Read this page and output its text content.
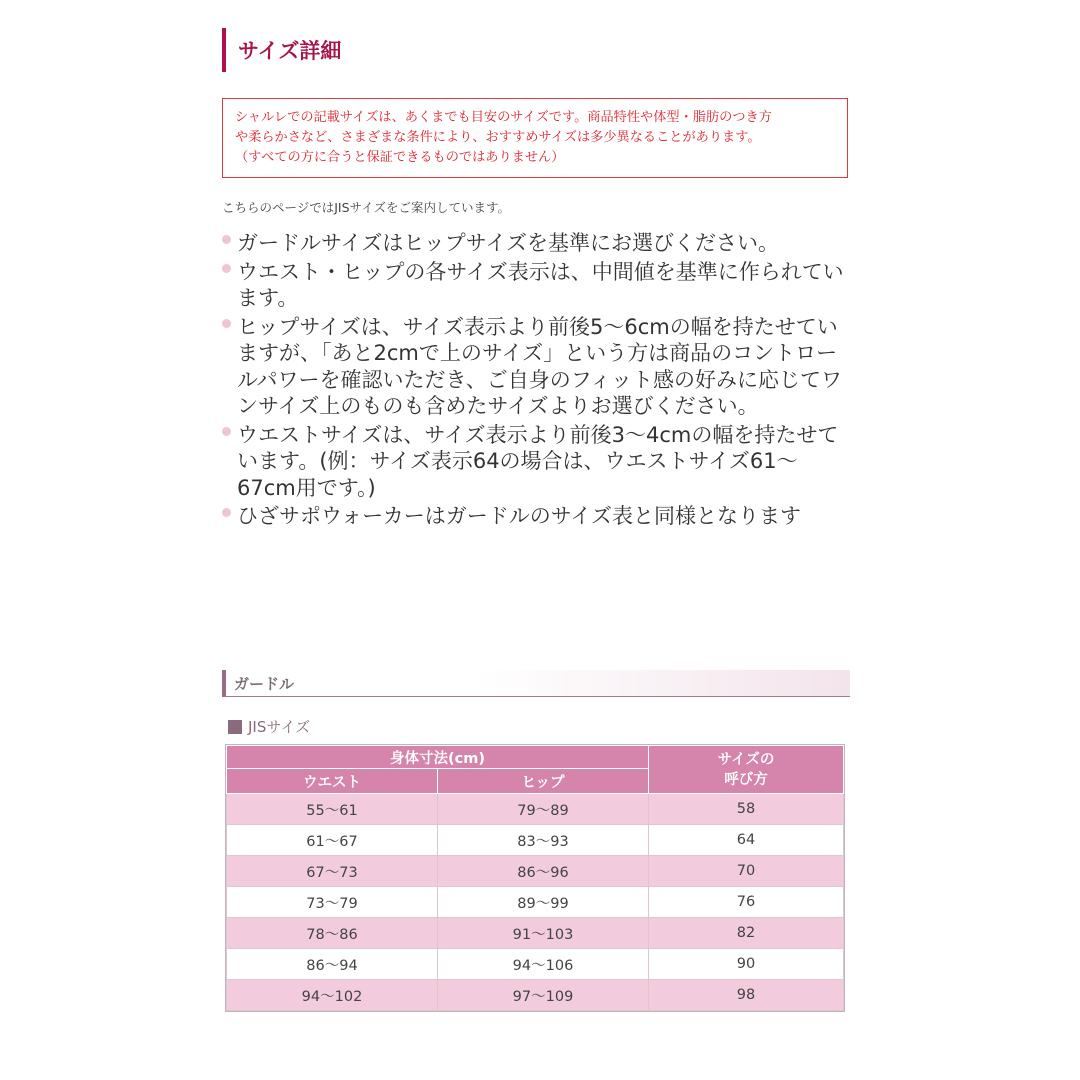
サイズ詳細

シャルレでの記載サイズは、あくまでも目安のサイズです。商品特性や体型・脂肪のつき方

や柔らかさなど、さまざまな条件により、おすすめサイズは多少異なることがあります。

（すべての方に合うと保証できるものではありません）

こちらのページではJISサイズをご案内しています。
ガードルサイズはヒップサイズを基準にお選びください。
ウエスト・ヒップの各サイズ表示は、中間値を基準に作られています。
ヒップサイズは、サイズ表示より前後5～6cmの幅を持たせていますが、「あと2cmで上のサイズ」という方は商品のコントロールパワーを確認いただき、ご自身のフィット感の好みに応じてワンサイズ上のものも含めたサイズよりお選びください。
ウエストサイズは、サイズ表示より前後3～4cmの幅を持たせています。(例：サイズ表示64の場合は、ウエストサイズ61～67cm用です。)
ひざサポウォーカーはガードルのサイズ表と同様となります
ガードル
JISサイズ
身体寸法(cm)		サイズの
呼び方
ウエスト	ヒップ	
55～61	79～89	58
61～67	83～93	64
67～73	86～96	70
73～79	89～99	76
78～86	91～103	82
86～94	94～106	90
94～102	97～109	98
